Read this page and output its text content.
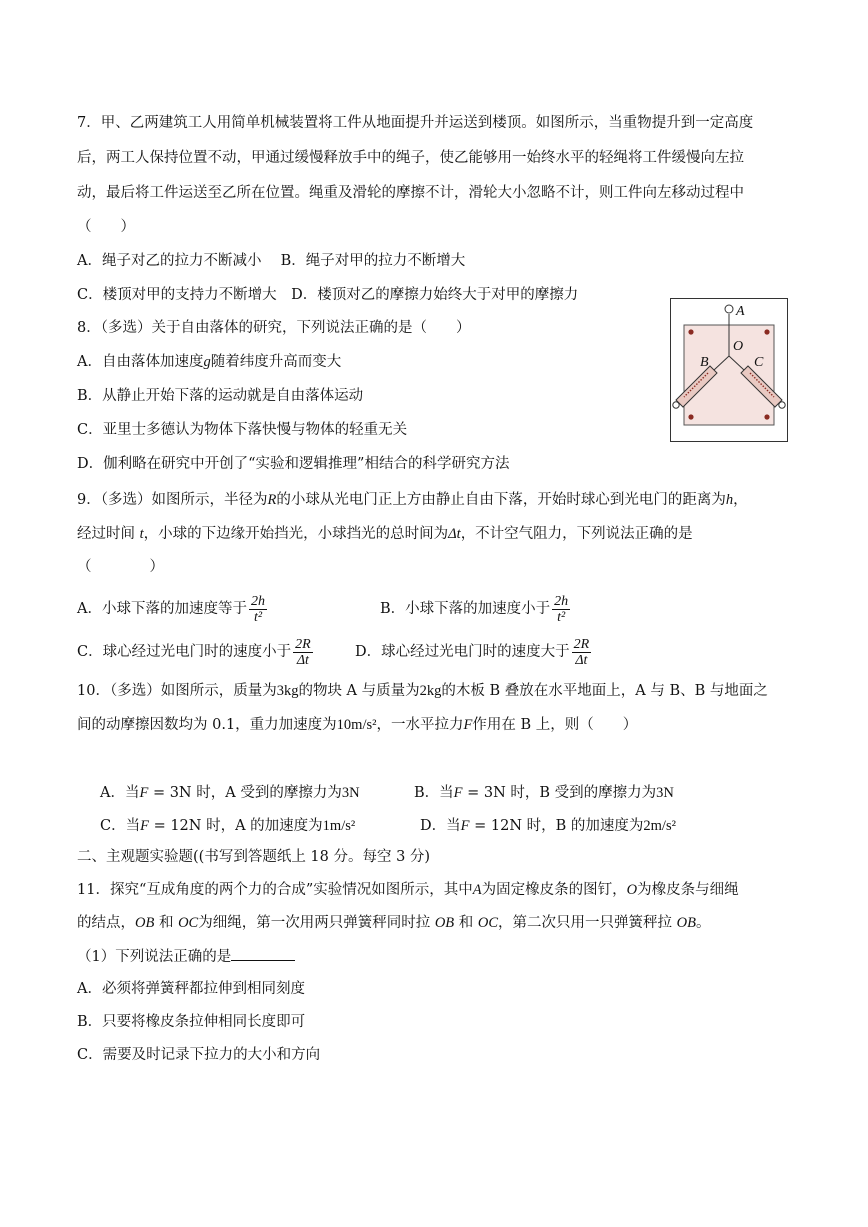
7．甲、乙两建筑工人用简单机械装置将工件从地面提升并运送到楼顶。如图所示，当重物提升到一定高度
后，两工人保持位置不动，甲通过缓慢释放手中的绳子，使乙能够用一始终水平的轻绳将工件缓慢向左拉
动，最后将工件运送至乙所在位置。绳重及滑轮的摩擦不计，滑轮大小忽略不计，则工件向左移动过程中
（　　）
A．绳子对乙的拉力不断减小　 B．绳子对甲的拉力不断增大
C．楼顶对甲的支持力不断增大　D．楼顶对乙的摩擦力始终大于对甲的摩擦力
8．（多选）关于自由落体的研究，下列说法正确的是（　　）
A．自由落体加速度g随着纬度升高而变大
B．从静止开始下落的运动就是自由落体运动
C．亚里士多德认为物体下落快慢与物体的轻重无关
D．伽利略在研究中开创了“实验和逻辑推理”相结合的科学研究方法
9．（多选）如图所示，半径为R的小球从光电门正上方由静止自由下落，开始时球心到光电门的距离为h，
经过时间 t，小球的下边缘开始挡光，小球挡光的总时间为Δt，不计空气阻力，下列说法正确的是
（　　　　）
A．小球下落的加速度等于 $\frac{2h}{\text{t²}}$	B．小球下落的加速度小于 $\frac{2h}{\text{t²}}$
C．球心经过光电门时的速度小于 $\frac{2R}{\Delta t}$	D．球心经过光电门时的速度大于 $\frac{2R}{\Delta t}$
10．（多选）如图所示，质量为3kg的物块 A 与质量为2kg的木板 B 叠放在水平地面上，A 与 B、B 与地面之
间的动摩擦因数均为 0.1，重力加速度为10m/s²，一水平拉力F作用在 B 上，则（　　）
A．当F = 3N 时，A 受到的摩擦力为3N	B．当F = 3N 时，B 受到的摩擦力为3N
C．当F = 12N 时，A 的加速度为1m/s²	D．当F = 12N 时，B 的加速度为2m/s²
二、主观题实验题((书写到答题纸上 18 分。每空 3 分)
11．探究“互成角度的两个力的合成”实验情况如图所示，其中A为固定橡皮条的图钉，O为橡皮条与细绳
的结点，OB 和 OC为细绳，第一次用两只弹簧秤同时拉 OB 和 OC，第二次只用一只弹簧秤拉 OB。
（1）下列说法正确的是
A．必须将弹簧秤都拉伸到相同刻度
B．只要将橡皮条拉伸相同长度即可
C．需要及时记录下拉力的大小和方向
A
O
B	C
